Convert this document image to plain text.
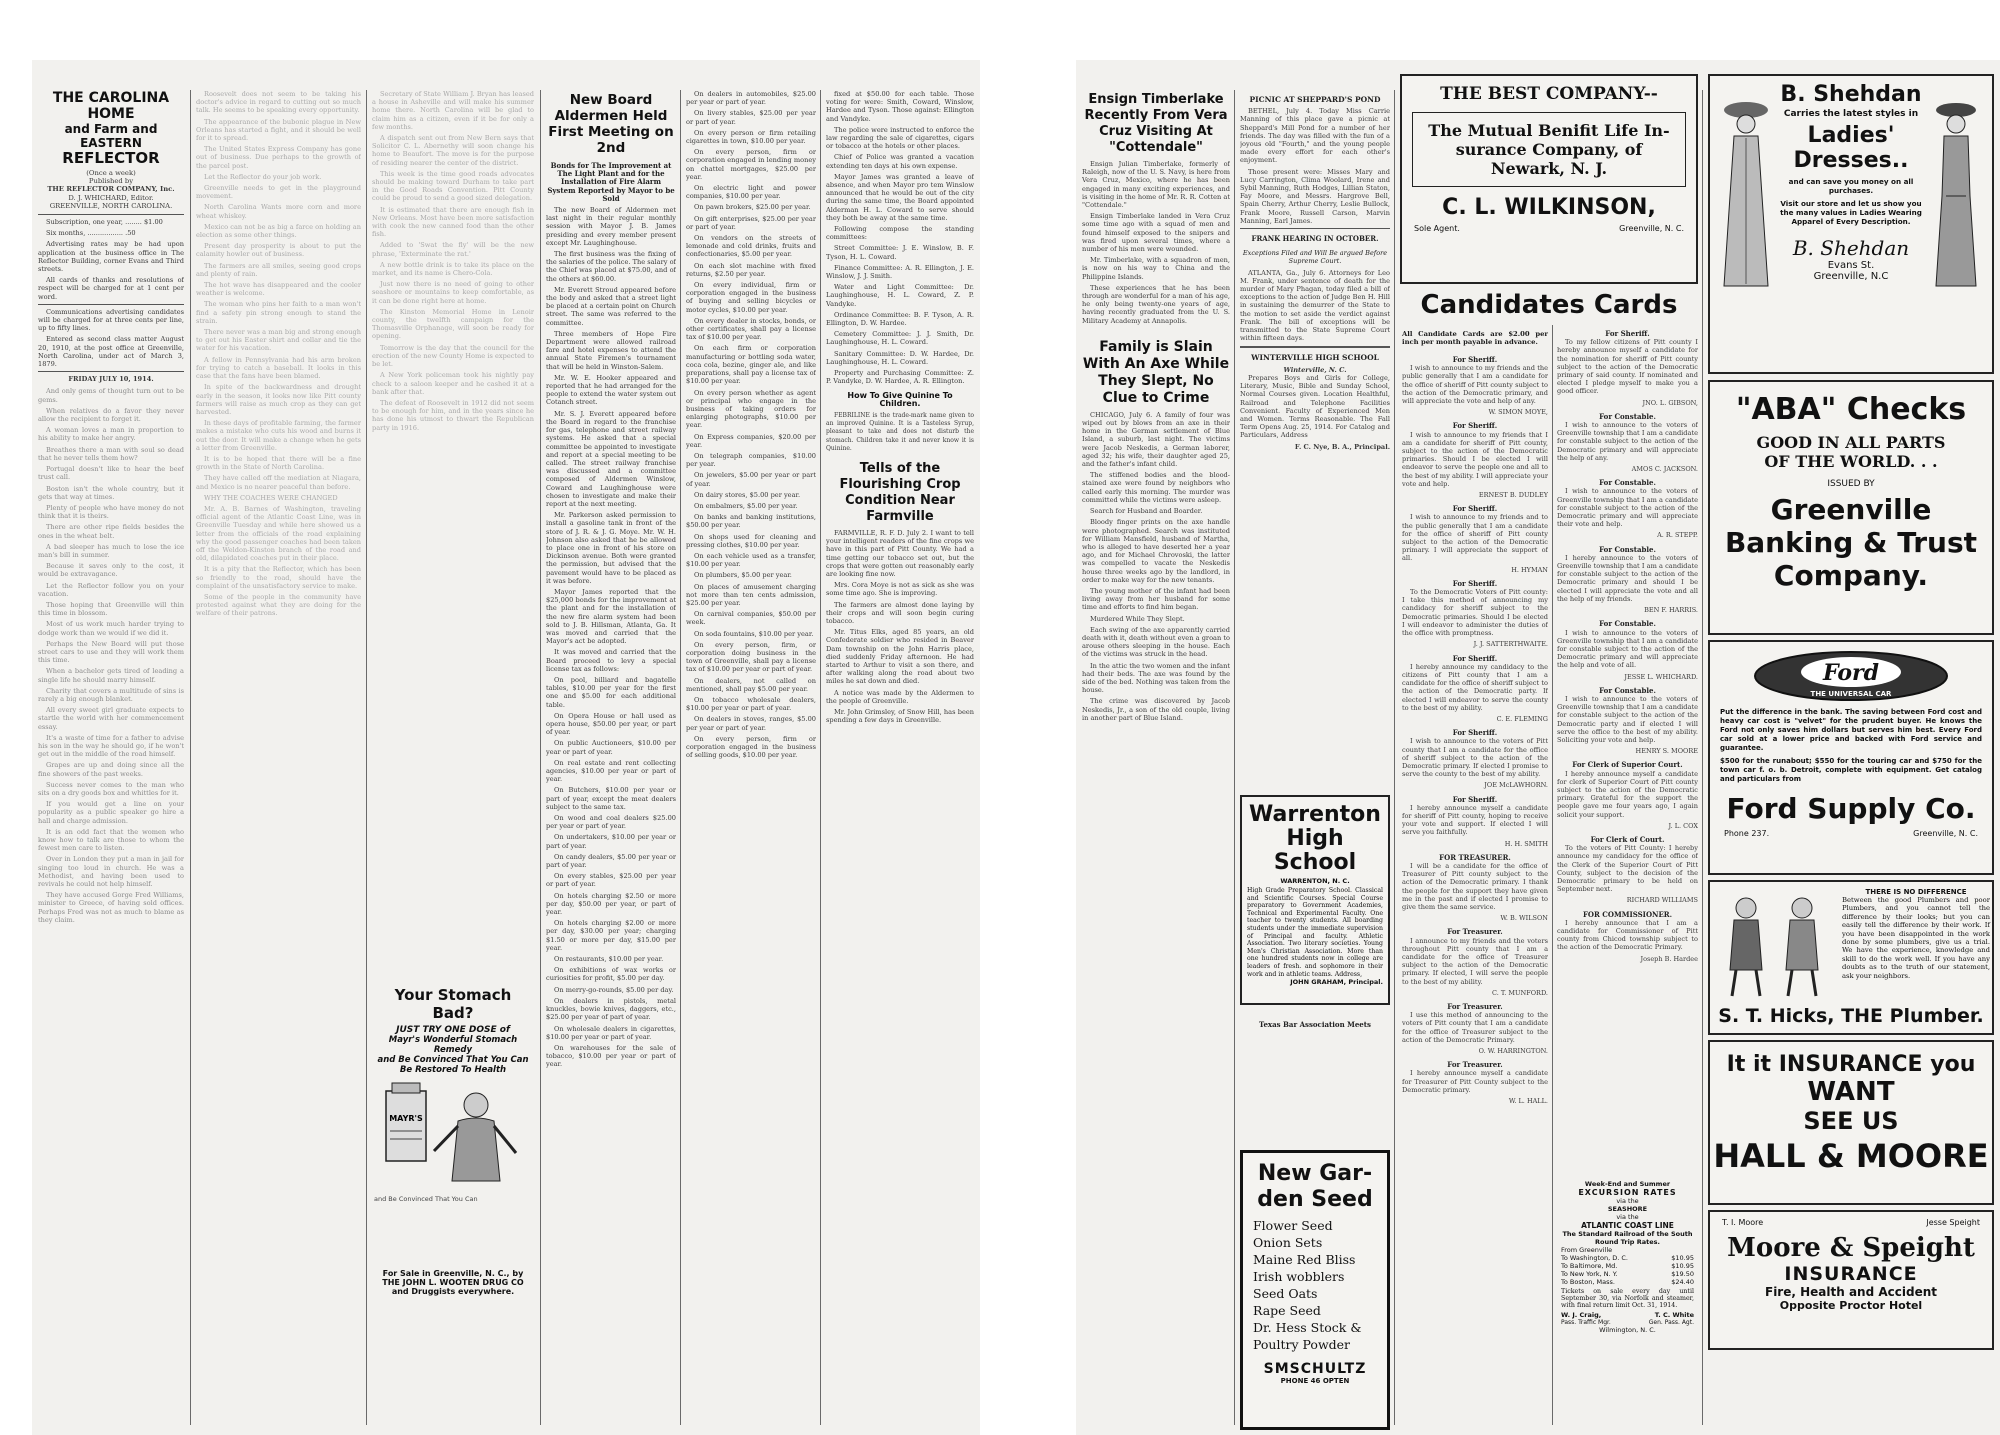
THE CAROLINA HOME
and Farm and EASTERN
REFLECTOR
(Once a week)
Published by
THE REFLECTOR COMPANY, Inc.
D. J. WHICHARD, Editor.
GREENVILLE, NORTH CAROLINA.

Subscription, one year, ........ $1.00

Six months, ................. .50

Advertising rates may be had upon application at the business office in The Reflector Building, corner Evans and Third streets.

All cards of thanks and resolutions of respect will be charged for at 1 cent per word.

Communications advertising candidates will be charged for at three cents per line, up to fifty lines.

Entered as second class matter August 20, 1910, at the post office at Greenville, North Carolina, under act of March 3, 1879.

FRIDAY JULY 10, 1914.

And only gems of thought turn out to be gems.

When relatives do a favor they never allow the recipient to forget it.

A woman loves a man in proportion to his ability to make her angry.

Breathes there a man with soul so dead that he never tells them how?

Portugal doesn't like to hear the beef trust call.

Boston isn't the whole country, but it gets that way at times.

Plenty of people who have money do not think that it is theirs.

There are other ripe fields besides the ones in the wheat belt.

A bad sleeper has much to lose the ice man's bill in summer.

Because it saves only to the cost, it would be extravagance.

Let the Reflector follow you on your vacation.

Those hoping that Greenville will thin this time in blossom.

Most of us work much harder trying to dodge work than we would if we did it.

Perhaps the New Board will put those street cars to use and they will work them this time.

When a bachelor gets tired of leading a single life he should marry himself.

Charity that covers a multitude of sins is rarely a big enough blanket.

All every sweet girl graduate expects to startle the world with her commencement essay.

It's a waste of time for a father to advise his son in the way he should go, if he won't get out in the middle of the road himself.

Grapes are up and doing since all the fine showers of the past weeks.

Success never comes to the man who sits on a dry goods box and whittles for it.

If you would get a line on your popularity as a public speaker go hire a hall and charge admission.

It is an odd fact that the women who know how to talk are those to whom the fewest men care to listen.

Over in London they put a man in jail for singing too loud in church. He was a Methodist, and having been used to revivals he could not help himself.

They have accused Gorge Fred Williams, minister to Greece, of having sold offices. Perhaps Fred was not as much to blame as they claim.

Roosevelt does not seem to be taking his doctor's advice in regard to cutting out so much talk. He seems to be speaking every opportunity.

The appearance of the bubonic plague in New Orleans has started a fight, and it should be well for it to spread.

The United States Express Company has gone out of business. Due perhaps to the growth of the parcel post.

Let the Reflector do your job work.

Greenville needs to get in the playground movement.

North Carolina Wants more corn and more wheat whiskey.

Mexico can not be as big a farce on holding an election as some other things.

Present day prosperity is about to put the calamity howler out of business.

The farmers are all smiles, seeing good crops and plenty of rain.

The hot wave has disappeared and the cooler weather is welcome.

The woman who pins her faith to a man won't find a safety pin strong enough to stand the strain.

There never was a man big and strong enough to get out his Easter shirt and collar and tie the water for his vacation.

A fellow in Pennsylvania had his arm broken for trying to catch a baseball. It looks in this case that the fans have been blamed.

In spite of the backwardness and drought early in the season, it looks now like Pitt county farmers will raise as much crop as they can get harvested.

In these days of profitable farming, the farmer makes a mistake who cuts his wood and burns it out the door. It will make a change when he gets a letter from Greenville.

It is to be hoped that there will be a fine growth in the State of North Carolina.

They have called off the mediation at Niagara, and Mexico is no nearer peaceful than before.

WHY THE COACHES WERE CHANGED

Mr. A. B. Barnes of Washington, traveling official agent of the Atlantic Coast Line, was in Greenville Tuesday and while here showed us a letter from the officials of the road explaining why the good passenger coaches had been taken off the Weldon-Kinston branch of the road and old, dilapidated coaches put in their place.

It is a pity that the Reflector, which has been so friendly to the road, should have the complaint of the unsatisfactory service to make.

Some of the people in the community have protested against what they are doing for the welfare of their patrons.

Secretary of State William J. Bryan has leased a house in Asheville and will make his summer home there. North Carolina will be glad to claim him as a citizen, even if it be for only a few months.

A dispatch sent out from New Bern says that Solicitor C. L. Abernethy will soon change his home to Beaufort. The move is for the purpose of residing nearer the center of the district.

This week is the time good roads advocates should be making toward Durham to take part in the Good Roads Convention. Pitt County could be proud to send a good sized delegation.

It is estimated that there are enough fish in New Orleans. Most have been more satisfaction with cook the new canned food than the other fish.

Added to 'Swat the fly' will be the new phrase, 'Exterminate the rat.'

A new bottle drink is to take its place on the market, and its name is Chero-Cola.

Just now there is no need of going to other seashore or mountains to keep comfortable, as it can be done right here at home.

The Kinston Memorial Home in Lenoir county, the twelfth campaign for the Thomasville Orphanage, will soon be ready for opening.

Tomorrow is the day that the council for the erection of the new County Home is expected to be let.

A New York policeman took his nightly pay check to a saloon keeper and he cashed it at a bank after that.

The defeat of Roosevelt in 1912 did not seem to be enough for him, and in the years since he has done his utmost to thwart the Republican party in 1916.

Your Stomach Bad?
JUST TRY ONE DOSE of
Mayr's Wonderful Stomach Remedy
and Be Convinced That You Can
Be Restored To Health
MAYR'S
and Be Convinced That You Can
For Sale in Greenville, N. C., by
THE JOHN L. WOOTEN DRUG CO
and Druggists everywhere.
New Board Aldermen Held First Meeting on 2nd
Bonds for The Improvement at The Light Plant and for the Installation of Fire Alarm System Reported by Mayor to be Sold

The new Board of Aldermen met last night in their regular monthly session with Mayor J. B. James presiding and every member present except Mr. Laughinghouse.

The first business was the fixing of the salaries of the police. The salary of the Chief was placed at $75.00, and of the others at $60.00.

Mr. Everett Stroud appeared before the body and asked that a street light be placed at a certain point on Church street. The same was referred to the committee.

Three members of Hope Fire Department were allowed railroad fare and hotel expenses to attend the annual State Firemen's tournament that will be held in Winston-Salem.

Mr. W. E. Hooker appeared and reported that he had arranged for the people to extend the water system out Cotanch street.

Mr. S. J. Everett appeared before the Board in regard to the franchise for gas, telephone and street railway systems. He asked that a special committee be appointed to investigate and report at a special meeting to be called. The street railway franchise was discussed and a committee composed of Aldermen Winslow, Coward and Laughinghouse were chosen to investigate and make their report at the next meeting.

Mr. Parkerson asked permission to install a gasoline tank in front of the store of J. R. & J. G. Moye. Mr. W. H. Johnson also asked that he be allowed to place one in front of his store on Dickinson avenue. Both were granted the permission, but advised that the pavement would have to be placed as it was before.

Mayor James reported that the $25,000 bonds for the improvement at the plant and for the installation of the new fire alarm system had been sold to J. B. Hillsman, Atlanta, Ga. It was moved and carried that the Mayor's act be adopted.

It was moved and carried that the Board proceed to levy a special license tax as follows:

On pool, billiard and bagatelle tables, $10.00 per year for the first one and $5.00 for each additional table.

On Opera House or hall used as opera house, $50.00 per year, or part of year.

On public Auctioneers, $10.00 per year or part of year.

On real estate and rent collecting agencies, $10.00 per year or part of year.

On Butchers, $10.00 per year or part of year, except the meat dealers subject to the same tax.

On wood and coal dealers $25.00 per year or part of year.

On undertakers, $10.00 per year or part of year.

On candy dealers, $5.00 per year or part of year.

On every stables, $25.00 per year or part of year.

On hotels charging $2.50 or more per day, $50.00 per year, or part of year.

On hotels charging $2.00 or more per day, $30.00 per year; charging $1.50 or more per day, $15.00 per year.

On restaurants, $10.00 per year.

On exhibitions of wax works or curiosities for profit, $5.00 per day.

On merry-go-rounds, $5.00 per day.

On dealers in pistols, metal knuckles, bowie knives, daggers, etc., $25.00 per year of part of year.

On wholesale dealers in cigarettes, $10.00 per year or part of year.

On warehouses for the sale of tobacco, $10.00 per year or part of year.

On dealers in automobiles, $25.00 per year or part of year.

On livery stables, $25.00 per year or part of year.

On every person or firm retailing cigarettes in town, $10.00 per year.

On every person, firm or corporation engaged in lending money on chattel mortgages, $25.00 per year.

On electric light and power companies, $10.00 per year.

On pawn brokers, $25.00 per year.

On gift enterprises, $25.00 per year or part of year.

On vendors on the streets of lemonade and cold drinks, fruits and confectionaries, $5.00 per year.

On each slot machine with fixed returns, $2.50 per year.

On every individual, firm or corporation engaged in the business of buying and selling bicycles or motor cycles, $10.00 per year.

On every dealer in stocks, bonds, or other certificates, shall pay a license tax of $10.00 per year.

On each firm or corporation manufacturing or bottling soda water, coca cola, bezine, ginger ale, and like preparations, shall pay a license tax of $10.00 per year.

On every person whether as agent or principal who engage in the business of taking orders for enlarging photographs, $10.00 per year.

On Express companies, $20.00 per year.

On telegraph companies, $10.00 per year.

On jewelers, $5.00 per year or part of year.

On dairy stores, $5.00 per year.

On embalmers, $5.00 per year.

On banks and banking institutions, $50.00 per year.

On shops used for cleaning and pressing clothes, $10.00 per year.

On each vehicle used as a transfer, $10.00 per year.

On plumbers, $5.00 per year.

On places of amusement charging not more than ten cents admission, $25.00 per year.

On carnival companies, $50.00 per week.

On soda fountains, $10.00 per year.

On every person, firm, or corporation doing business in the town of Greenville, shall pay a license tax of $10.00 per year or part of year.

On dealers, not called on mentioned, shall pay $5.00 per year.

On tobacco wholesale dealers, $10.00 per year or part of year.

On dealers in stoves, ranges, $5.00 per year or part of year.

On every person, firm or corporation engaged in the business of selling goods, $10.00 per year.

fixed at $50.00 for each table. Those voting for were: Smith, Coward, Winslow, Hardee and Tyson. Those against: Ellington and Vandyke.

The police were instructed to enforce the law regarding the sale of cigarettes, cigars or tobacco at the hotels or other places.

Chief of Police was granted a vacation extending ten days at his own expense.

Mayor James was granted a leave of absence, and when Mayor pro tem Winslow announced that he would be out of the city during the same time, the Board appointed Alderman H. L. Coward to serve should they both be away at the same time.

Following compose the standing committees:

Street Committee: J. E. Winslow, B. F. Tyson, H. L. Coward.

Finance Committee: A. R. Ellington, J. E. Winslow, J. J. Smith.

Water and Light Committee: Dr. Laughinghouse, H. L. Coward, Z. P. Vandyke.

Ordinance Committee: B. F. Tyson, A. R. Ellington, D. W. Hardee.

Cemetery Committee: J. J. Smith, Dr. Laughinghouse, H. L. Coward.

Sanitary Committee: D. W. Hardee, Dr. Laughinghouse, H. L. Coward.

Property and Purchasing Committee: Z. P. Vandyke, D. W. Hardee, A. R. Ellington.

How To Give Quinine To Children.

FEBRILINE is the trade-mark name given to an improved Quinine. It is a Tasteless Syrup, pleasant to take and does not disturb the stomach. Children take it and never know it is Quinine.

Tells of the Flourishing Crop Condition Near Farmville

FARMVILLE, R. F. D. July 2. I want to tell your intelligent readers of the fine crops we have in this part of Pitt County. We had a time getting our tobacco set out, but the crops that were gotten out reasonably early are looking fine now.

Mrs. Cora Moye is not as sick as she was some time ago. She is improving.

The farmers are almost done laying by their crops and will soon begin curing tobacco.

Mr. Titus Elks, aged 85 years, an old Confederate soldier who resided in Beaver Dam township on the John Harris place, died suddenly Friday afternoon. He had started to Arthur to visit a son there, and after walking along the road about two miles he sat down and died.

A notice was made by the Aldermen to the people of Greenville.

Mr. John Grimsley, of Snow Hill, has been spending a few days in Greenville.

Ensign Timberlake Recently From Vera Cruz Visiting At "Cottendale"

Ensign Julian Timberlake, formerly of Raleigh, now of the U. S. Navy, is here from Vera Cruz, Mexico, where he has been engaged in many exciting experiences, and is visiting in the home of Mr. R. R. Cotten at "Cottendale."

Ensign Timberlake landed in Vera Cruz some time ago with a squad of men and found himself exposed to the snipers and was fired upon several times, where a number of his men were wounded.

Mr. Timberlake, with a squadron of men, is now on his way to China and the Philippine Islands.

These experiences that he has been through are wonderful for a man of his age, he only being twenty-one years of age, having recently graduated from the U. S. Military Academy at Annapolis.

Family is Slain With An Axe While They Slept, No Clue to Crime

CHICAGO, July 6. A family of four was wiped out by blows from an axe in their home in the German settlement of Blue Island, a suburb, last night. The victims were Jacob Neskedis, a German laborer, aged 32; his wife, their daughter aged 25, and the father's infant child.

The stiffened bodies and the blood-stained axe were found by neighbors who called early this morning. The murder was committed while the victims were asleep.

Search for Husband and Boarder.

Bloody finger prints on the axe handle were photographed. Search was instituted for William Mansfield, husband of Martha, who is alleged to have deserted her a year ago, and for Michael Chrovoski, the latter was compelled to vacate the Neskedis house three weeks ago by the landlord, in order to make way for the new tenants.

The young mother of the infant had been living away from her husband for some time and efforts to find him began.

Murdered While They Slept.

Each swing of the axe apparently carried death with it, death without even a groan to arouse others sleeping in the house. Each of the victims was struck in the head.

In the attic the two women and the infant had their beds. The axe was found by the side of the bed. Nothing was taken from the house.

The crime was discovered by Jacob Neskedis, Jr., a son of the old couple, living in another part of Blue Island.

PICNIC AT SHEPPARD'S POND

BETHEL, July 4. Today Miss Carrie Manning of this place gave a picnic at Sheppard's Mill Pond for a number of her friends. The day was filled with the fun of a joyous old "Fourth," and the young people made every effort for each other's enjoyment.

Those present were: Misses Mary and Lucy Carrington, Clima Woolard, Irene and Sybil Manning, Ruth Hodges, Lillian Staton, Fay Moore, and Messrs. Hargrove Bell, Spain Cherry, Arthur Cherry, Leslie Bullock, Frank Moore, Russell Carson, Marvin Manning, Earl James.

FRANK HEARING IN OCTOBER.
Exceptions Filed and Will Be argued Before Supreme Court.

ATLANTA, Ga., July 6. Attorneys for Leo M. Frank, under sentence of death for the murder of Mary Phagan, today filed a bill of exceptions to the action of Judge Ben H. Hill in sustaining the demurrer of the State to the motion to set aside the verdict against Frank. The bill of exceptions will be transmitted to the State Supreme Court within fifteen days.

WINTERVILLE HIGH SCHOOL
Winterville, N. C.

Prepares Boys and Girls for College, Literary, Music, Bible and Sunday School, Normal Courses given. Location Healthful, Railroad and Telephone Facilities Convenient. Faculty of Experienced Men and Women. Terms Reasonable. The Fall Term Opens Aug. 25, 1914. For Catalog and Particulars, Address

F. C. Nye, B. A., Principal.
Warrenton
High
School
WARRENTON, N. C.
High Grade Preparatory School. Classical and Scientific Courses. Special Course preparatory to Government Academies, Technical and Experimental Faculty. One teacher to twenty students. All boarding students under the immediate supervision of Principal and faculty. Athletic Association. Two literary societies. Young Men's Christian Association. More than one hundred students now in college are leaders of fresh. and sophomore in their work and in athletic teams. Address,
JOHN GRAHAM, Principal.
Texas Bar Association Meets
New Gar-
den Seed
Flower Seed
Onion Sets
Maine Red Bliss
Irish wobblers
Seed Oats
Rape Seed
Dr. Hess Stock &
Poultry Powder
SMSCHULTZ
PHONE 46 OPTEN
THE BEST COMPANY--
The Mutual Benifit Life In-
surance Company, of
Newark, N. J.
C. L. WILKINSON,
Sole Agent.	Greenville, N. C.
Candidates Cards
All Candidate Cards are $2.00 per inch per month payable in advance.
For Sheriff.

I wish to announce to my friends and the public generally that I am a candidate for the office of sheriff of Pitt county subject to the action of the Democratic primary, and will appreciate the vote and help of any.

W. SIMON MOYE,
For Sheriff.

I wish to announce to my friends that I am a candidate for sheriff of Pitt county, subject to the action of the Democratic primaries. Should I be elected I will endeavor to serve the people one and all to the best of my ability. I will appreciate your vote and help.

ERNEST B. DUDLEY
For Sheriff.

I wish to announce to my friends and to the public generally that I am a candidate for the office of sheriff of Pitt county subject to the action of the Democratic primary. I will appreciate the support of all.

H. HYMAN
For Sheriff.

To the Democratic Voters of Pitt county: I take this method of announcing my candidacy for sheriff subject to the Democratic primaries. Should I be elected I will endeavor to administer the duties of the office with promptness.

J. J. SATTERTHWAITE.
For Sheriff.

I hereby announce my candidacy to the citizens of Pitt county that I am a candidate for the office of sheriff subject to the action of the Democratic party. If elected I will endeavor to serve the county to the best of my ability.

C. E. FLEMING
For Sheriff.

I wish to announce to the voters of Pitt county that I am a candidate for the office of sheriff subject to the action of the Democratic primary. If elected I promise to serve the county to the best of my ability.

JOE McLAWHORN.
For Sheriff.

I hereby announce myself a candidate for sheriff of Pitt county, hoping to receive your vote and support. If elected I will serve you faithfully.

H. H. SMITH
FOR TREASURER.

I will be a candidate for the office of Treasurer of Pitt county subject to the action of the Democratic primary. I thank the people for the support they have given me in the past and if elected I promise to give them the same service.

W. B. WILSON
For Treasurer.

I announce to my friends and the voters throughout Pitt county that I am a candidate for the office of Treasurer subject to the action of the Democratic primary. If elected, I will serve the people to the best of my ability.

C. T. MUNFORD.
For Treasurer.

I use this method of announcing to the voters of Pitt county that I am a candidate for the office of Treasurer subject to the action of the Democratic Primary.

O. W. HARRINGTON.
For Treasurer.

I hereby announce myself a candidate for Treasurer of Pitt County subject to the Democratic primary.

W. L. HALL.
For Sheriff.

To my fellow citizens of Pitt county I hereby announce myself a candidate for the nomination for sheriff of Pitt county subject to the action of the Democratic primary of said county. If nominated and elected I pledge myself to make you a good officer.

JNO. L. GIBSON,
For Constable.

I wish to announce to the voters of Greenville township that I am a candidate for constable subject to the action of the Democratic primary and will appreciate the help of any.

AMOS C. JACKSON.
For Constable.

I wish to announce to the voters of Greenville township that I am a candidate for constable subject to the action of the Democratic primary and will appreciate their vote and help.

A. R. STEPP.
For Constable.

I hereby announce to the voters of Greenville township that I am a candidate for constable subject to the action of the Democratic primary and should I be elected I will appreciate the vote and all the help of my friends.

BEN F. HARRIS.
For Constable.

I wish to announce to the voters of Greenville township that I am a candidate for constable subject to the action of the Democratic primary and will appreciate the help and vote of all.

JESSE L. WHICHARD.
For Constable.

I wish to announce to the voters of Greenville township that I am a candidate for constable subject to the action of the Democratic party and if elected I will serve the office to the best of my ability. Soliciting your vote and help.

HENRY S. MOORE
For Clerk of Superior Court.

I hereby announce myself a candidate for clerk of Superior Court of Pitt county subject to the action of the Democratic primary. Grateful for the support the people gave me four years ago, I again solicit your support.

J. L. COX
For Clerk of Court.

To the voters of Pitt County: I hereby announce my candidacy for the office of the Clerk of the Superior Court of Pitt County, subject to the decision of the Democratic primary to be held on September next.

RICHARD WILLIAMS
FOR COMMISSIONER.

I hereby announce that I am a candidate for Commissioner of Pitt county from Chicod township subject to the action of the Democratic Primary.

Joseph B. Hardee
Week-End and Summer
EXCURSION RATES
via the
SEASHORE
via the
ATLANTIC COAST LINE
The Standard Railroad of the South
Round Trip Rates.
From Greenville
To Washington, D. C.	$10.95
To Baltimore, Md.	$10.95
To New York, N. Y.	$19.50
To Boston, Mass.	$24.40
Tickets on sale every day until September 30, via Norfolk and steamer, with final return limit Oct. 31, 1914.
W. J. Craig,	T. C. White
Pass. Traffic Mgr.	Gen. Pass. Agt.
Wilmington, N. C.
B. Shehdan
Carries the latest styles in
Ladies'
Dresses..
and can save you money on all purchases.
Visit our store and let us show you the many values in Ladies Wearing Apparel of Every Description.
B. Shehdan
Evans St.
Greenville, N.C
"ABA" Checks
GOOD IN ALL PARTS
OF THE WORLD. . .
ISSUED BY
Greenville
Banking & Trust
Company.
Ford
THE UNIVERSAL CAR
Put the difference in the bank. The saving between Ford cost and heavy car cost is "velvet" for the prudent buyer. He knows the Ford not only saves him dollars but serves him best. Every Ford car sold at a lower price and backed with Ford service and guarantee.
$500 for the runabout; $550 for the touring car and $750 for the town car f. o. b. Detroit, complete with equipment. Get catalog and particulars from
Ford Supply Co.
Phone 237.	Greenville, N. C.
THERE IS NO DIFFERENCE
Between the good Plumbers and poor Plumbers, and you cannot tell the difference by their looks; but you can easily tell the difference by their work. If you have been disappointed in the work done by some plumbers, give us a trial. We have the experience, knowledge and skill to do the work well. If you have any doubts as to the truth of our statement, ask your neighbors.
S. T. Hicks, THE Plumber.
It it INSURANCE you
WANT
SEE US
HALL & MOORE
T. I. Moore	Jesse Speight
Moore & Speight
INSURANCE
Fire, Health and Accident
Opposite Proctor Hotel
